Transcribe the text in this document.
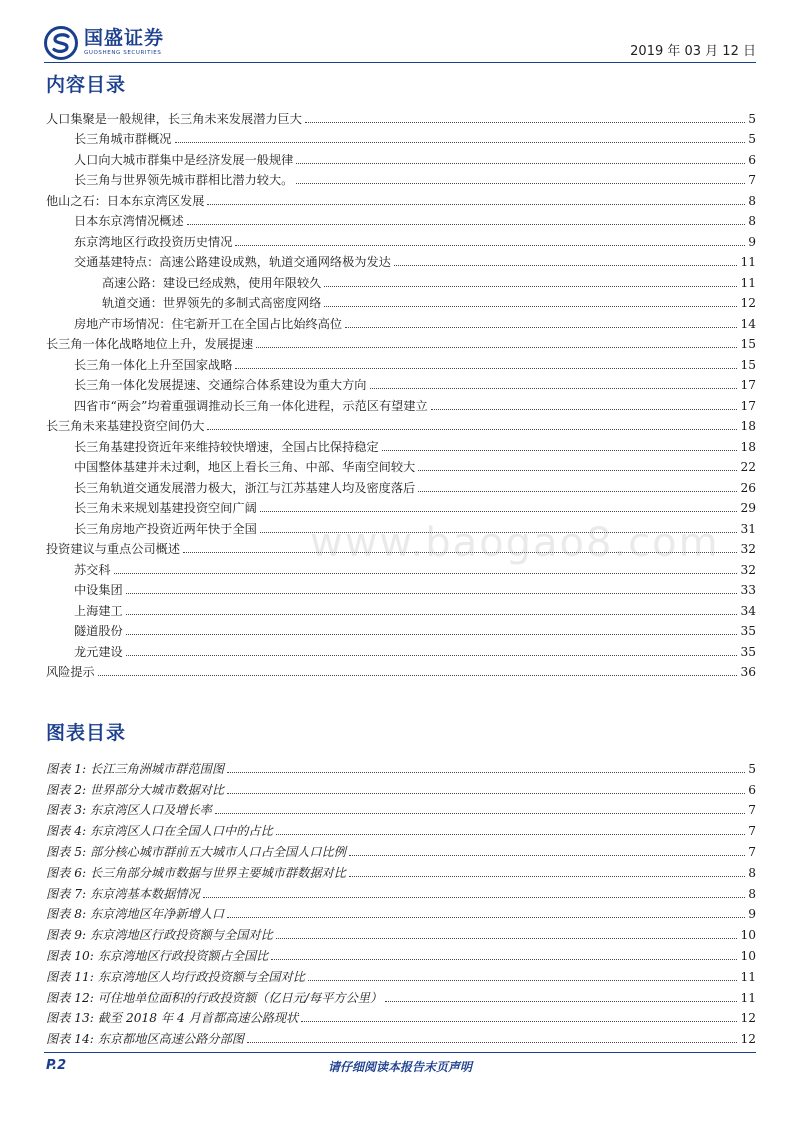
国盛证券
GUOSHENG SECURITIES	2019 年 03 月 12 日
内容目录
人口集聚是一般规律，长三角未来发展潜力巨大	5
长三角城市群概况	5
人口向大城市群集中是经济发展一般规律	6
长三角与世界领先城市群相比潜力较大。	7
他山之石：日本东京湾区发展	8
日本东京湾情况概述	8
东京湾地区行政投资历史情况	9
交通基建特点：高速公路建设成熟，轨道交通网络极为发达	11
高速公路：建设已经成熟，使用年限较久	11
轨道交通：世界领先的多制式高密度网络	12
房地产市场情况：住宅新开工在全国占比始终高位	14
长三角一体化战略地位上升，发展提速	15
长三角一体化上升至国家战略	15
长三角一体化发展提速、交通综合体系建设为重大方向	17
四省市“两会”均着重强调推动长三角一体化进程，示范区有望建立	17
长三角未来基建投资空间仍大	18
长三角基建投资近年来维持较快增速，全国占比保持稳定	18
中国整体基建并未过剩，地区上看长三角、中部、华南空间较大	22
长三角轨道交通发展潜力极大，浙江与江苏基建人均及密度落后	26
长三角未来规划基建投资空间广阔	29
长三角房地产投资近两年快于全国	31
投资建议与重点公司概述	32
苏交科	32
中设集团	33
上海建工	34
隧道股份	35
龙元建设	35
风险提示	36
www.baogao8.com
图表目录
图表 1: 长江三角洲城市群范围图	5
图表 2: 世界部分大城市数据对比	6
图表 3: 东京湾区人口及增长率	7
图表 4: 东京湾区人口在全国人口中的占比	7
图表 5: 部分核心城市群前五大城市人口占全国人口比例	7
图表 6: 长三角部分城市数据与世界主要城市群数据对比	8
图表 7: 东京湾基本数据情况	8
图表 8: 东京湾地区年净新增人口	9
图表 9: 东京湾地区行政投资额与全国对比	10
图表 10: 东京湾地区行政投资额占全国比	10
图表 11: 东京湾地区人均行政投资额与全国对比	11
图表 12: 可住地单位面积的行政投资额（亿日元/每平方公里）	11
图表 13: 截至 2018 年 4 月首都高速公路现状	12
图表 14: 东京都地区高速公路分部图	12
请仔细阅读本报告末页声明
P.2
